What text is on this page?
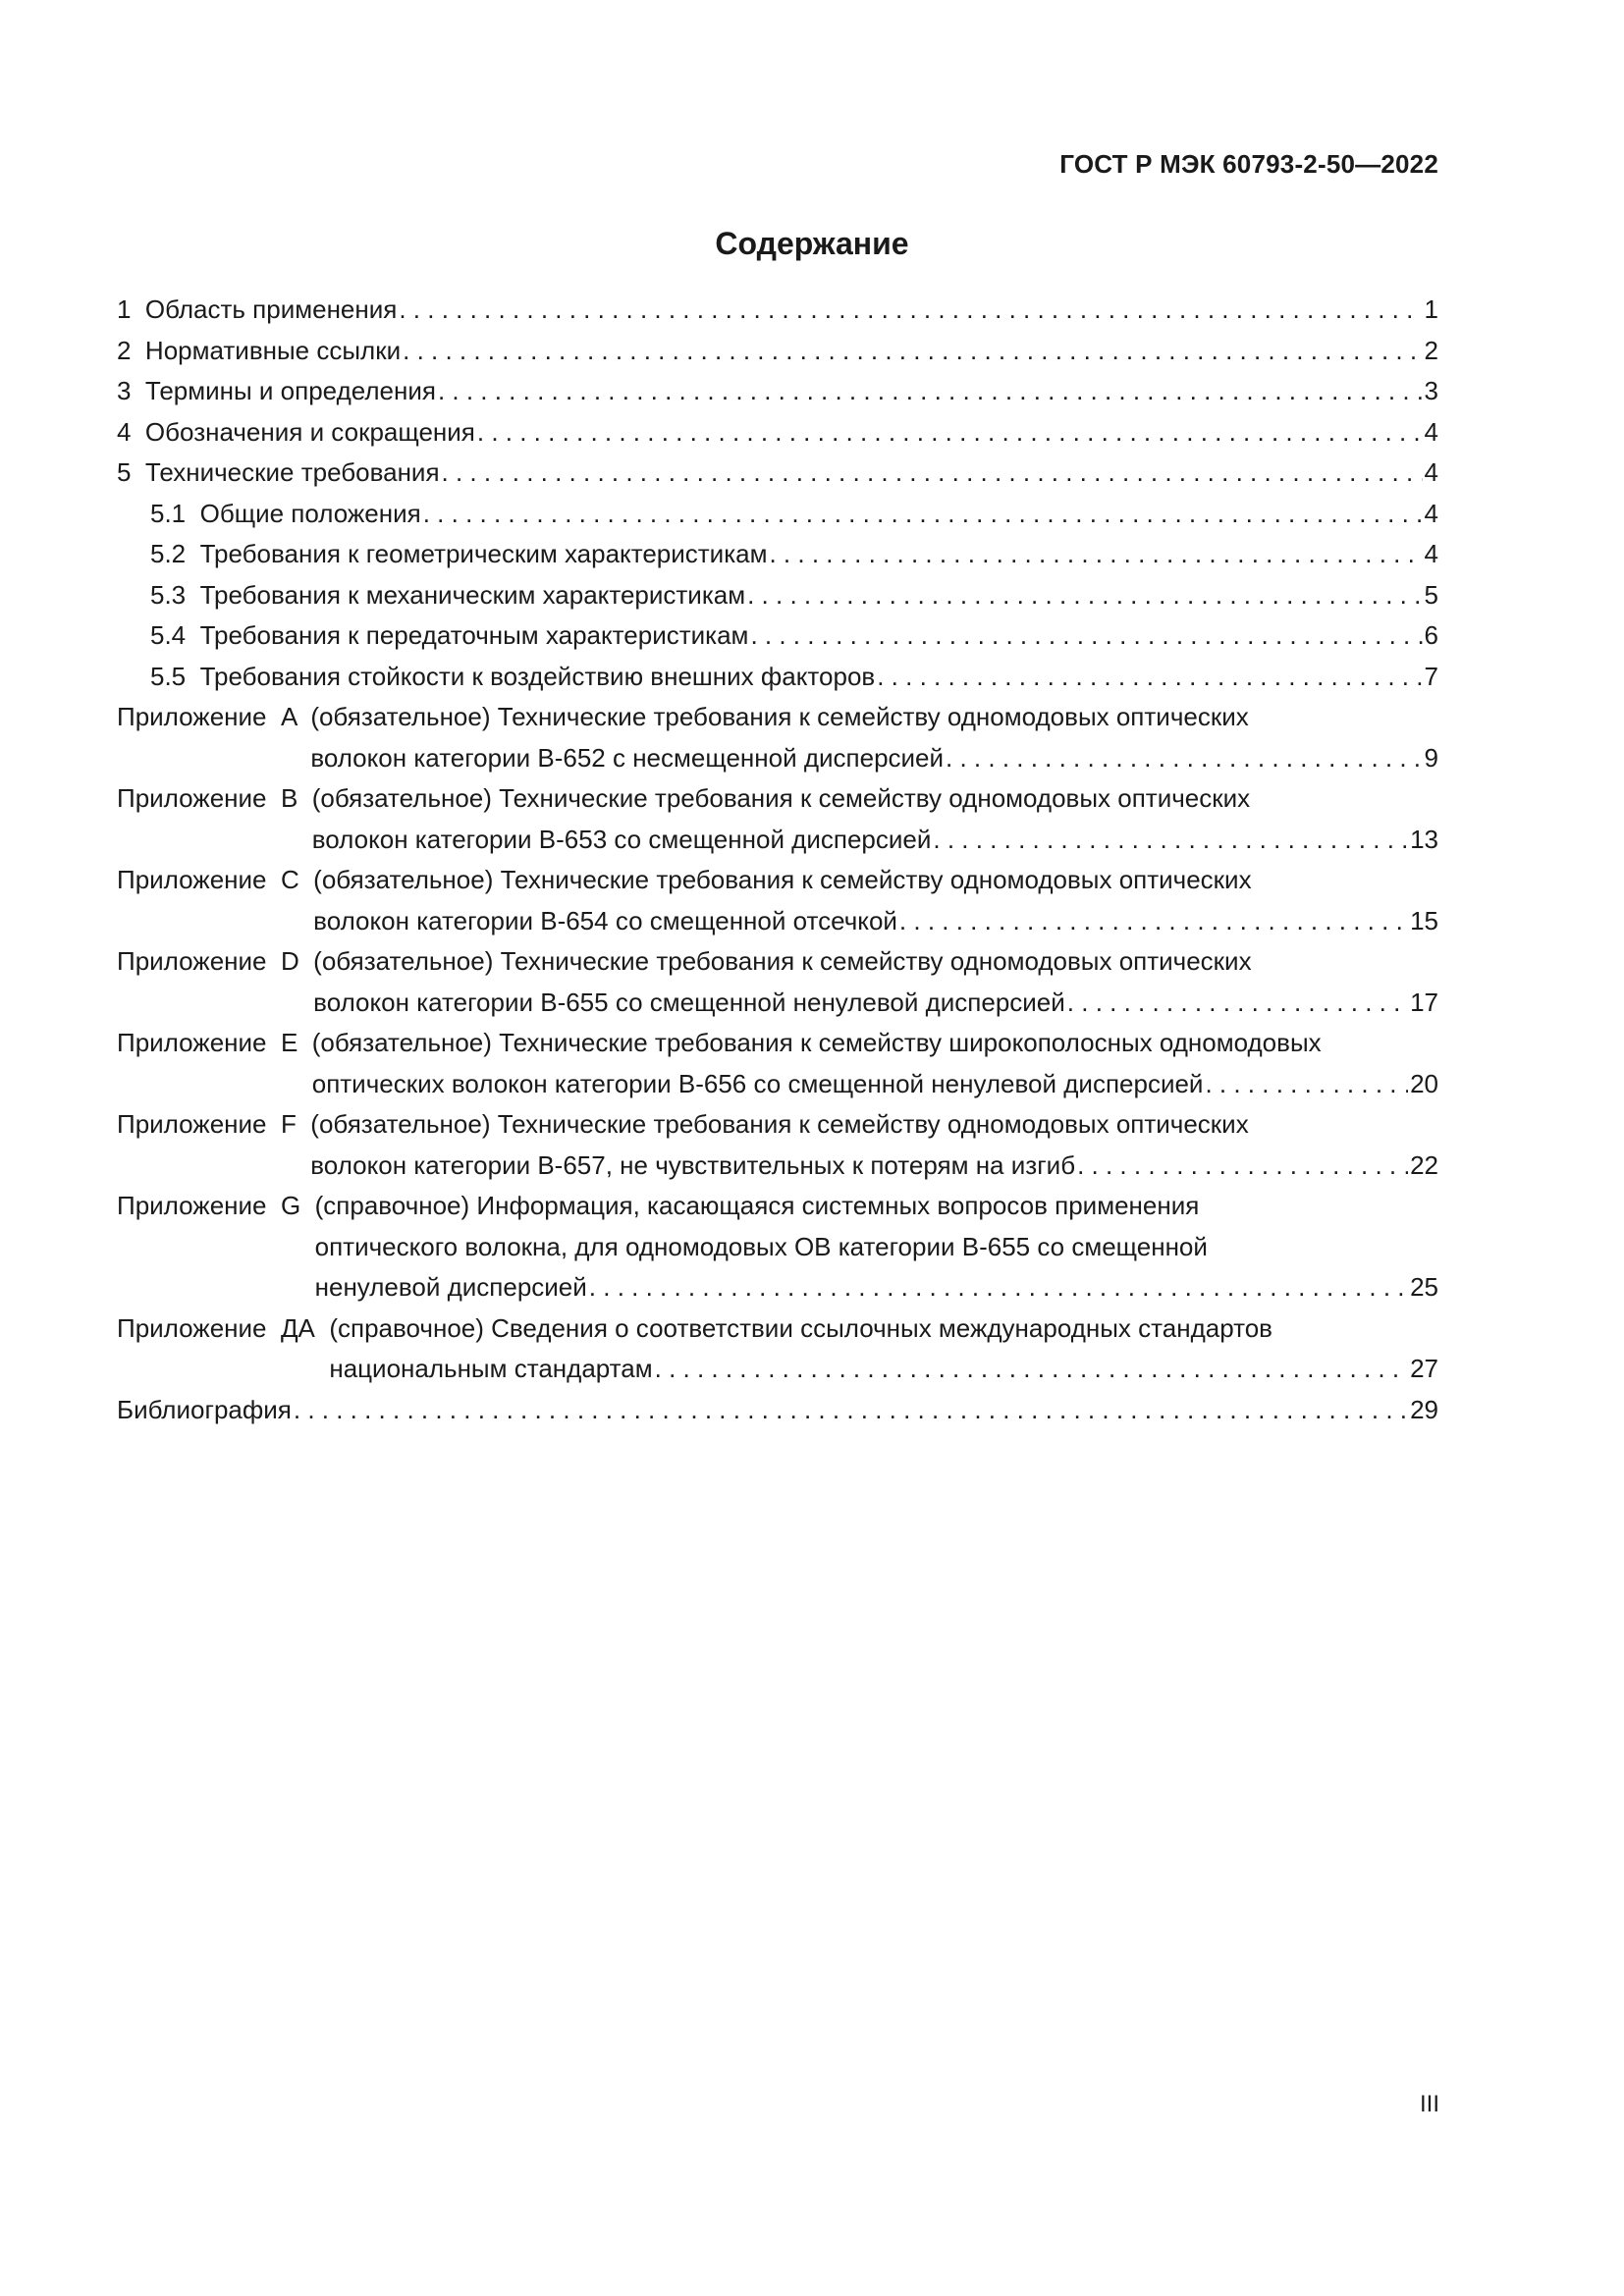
ГОСТ Р МЭК 60793-2-50—2022
Содержание
1 Область применения . . .	1
2 Нормативные ссылки . . .	2
3 Термины и определения . . .	3
4 Обозначения и сокращения . . .	4
5 Технические требования . . .	4
5.1 Общие положения . . .	4
5.2 Требования к геометрическим характеристикам . . .	4
5.3 Требования к механическим характеристикам . . .	5
5.4 Требования к передаточным характеристикам . . .	6
5.5 Требования стойкости к воздействию внешних факторов . . .	7
Приложение  A (обязательное) Технические требования к семейству одномодовых оптических
волокон категории В-652 с несмещенной дисперсией . . .	9
Приложение  B (обязательное) Технические требования к семейству одномодовых оптических
волокон категории В-653 со смещенной дисперсией . . .	13
Приложение  C (обязательное) Технические требования к семейству одномодовых оптических
волокон категории В-654 со смещенной отсечкой . . .	15
Приложение  D (обязательное) Технические требования к семейству одномодовых оптических
волокон категории В-655 со смещенной ненулевой дисперсией . . .	17
Приложение  E (обязательное) Технические требования к семейству широкополосных одномодовых
оптических волокон категории В-656 со смещенной ненулевой дисперсией . . .	20
Приложение  F (обязательное) Технические требования к семейству одномодовых оптических
волокон категории В-657, не чувствительных к потерям на изгиб . . .	22
Приложение  G (справочное) Информация, касающаяся системных вопросов применения
оптического волокна, для одномодовых ОВ категории В-655 со смещенной
ненулевой дисперсией . . .	25
Приложение  ДА (справочное) Сведения о соответствии ссылочных международных стандартов
национальным стандартам . . .	27
Библиография . . .	29
III
